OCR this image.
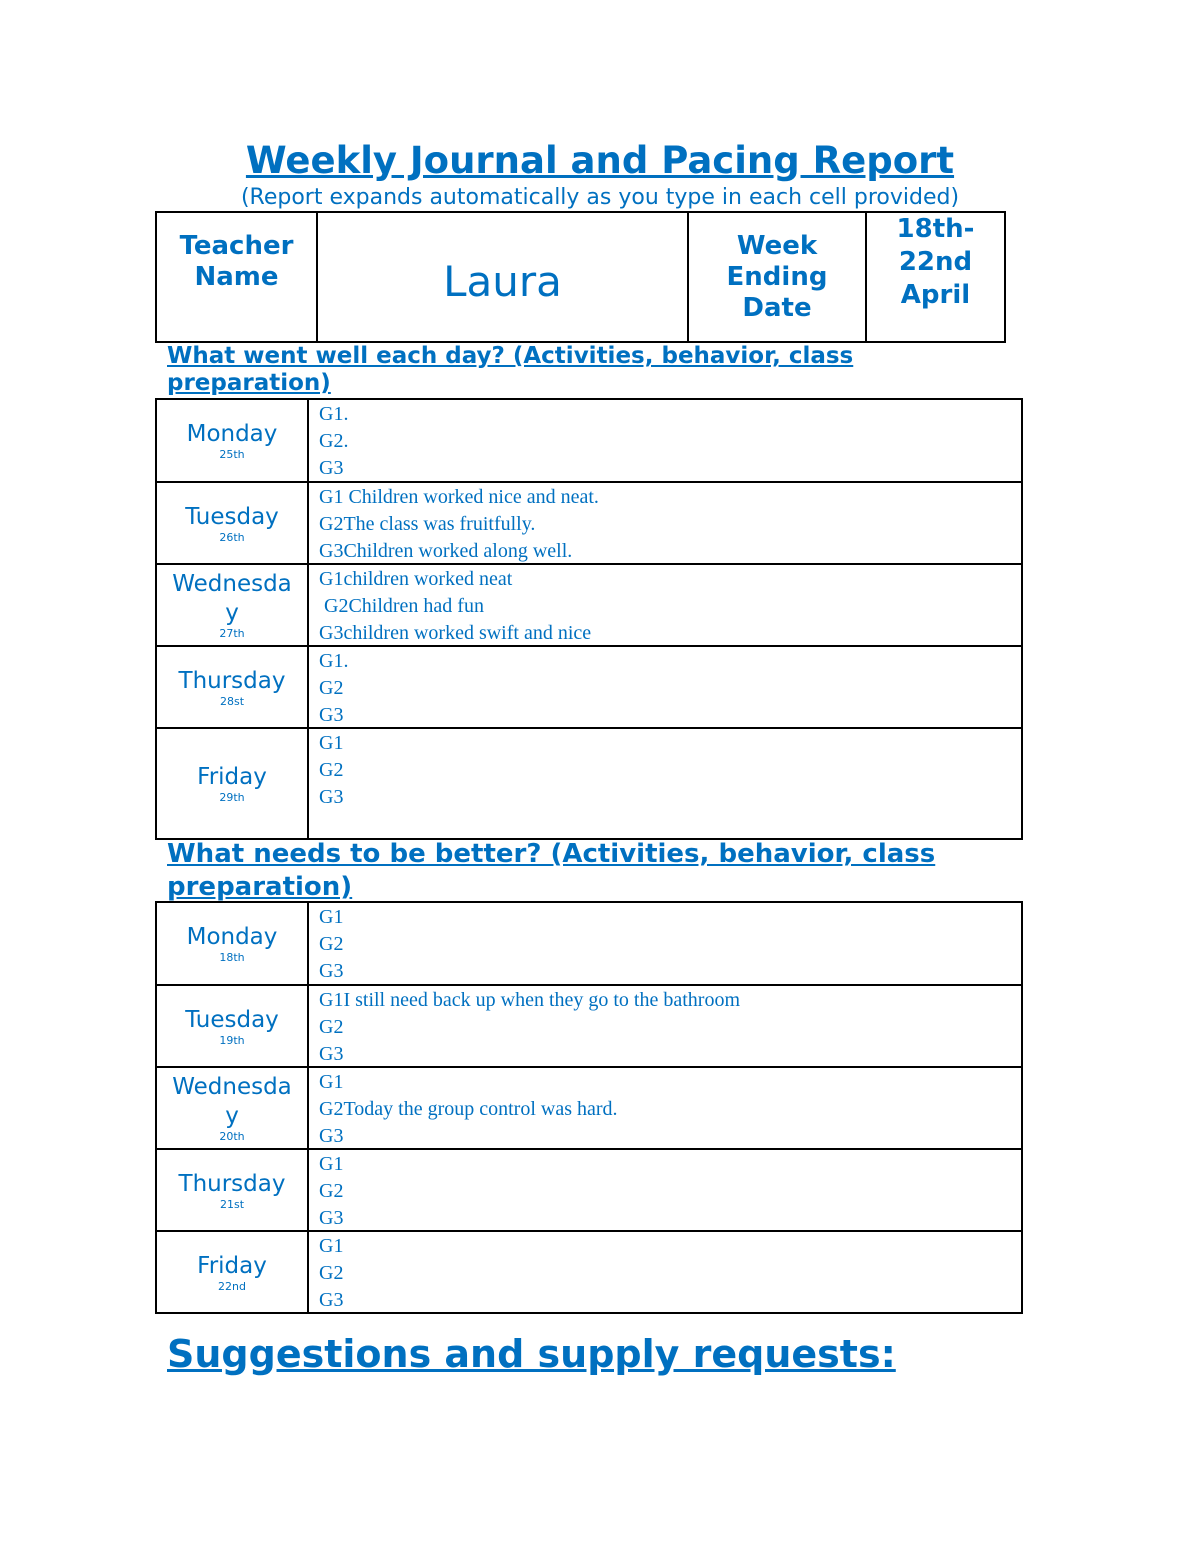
Weekly Journal and Pacing Report
(Report expands automatically as you type in each cell provided)
Teacher Name	Laura
Week Ending Date
18th-22nd April
What went well each day? (Activities, behavior, class preparation)
Monday
25th
G1.
G2.
G3
Tuesday
26th
G1 Children worked nice and neat.
G2The class was fruitfully.
G3Children worked along well.
Wednesday
27th
G1children worked neat
G2Children had fun
G3children worked swift and nice
Thursday
28st
G1.
G2
G3
Friday
29th
G1
G2
G3
What needs to be better? (Activities, behavior, class preparation)
Monday
18th
G1
G2
G3
Tuesday
19th
G1I still need back up when they go to the bathroom
G2
G3
Wednesday
20th
G1
G2Today the group control was hard.
G3
Thursday
21st
G1
G2
G3
Friday
22nd
G1
G2
G3
Suggestions and supply requests:
